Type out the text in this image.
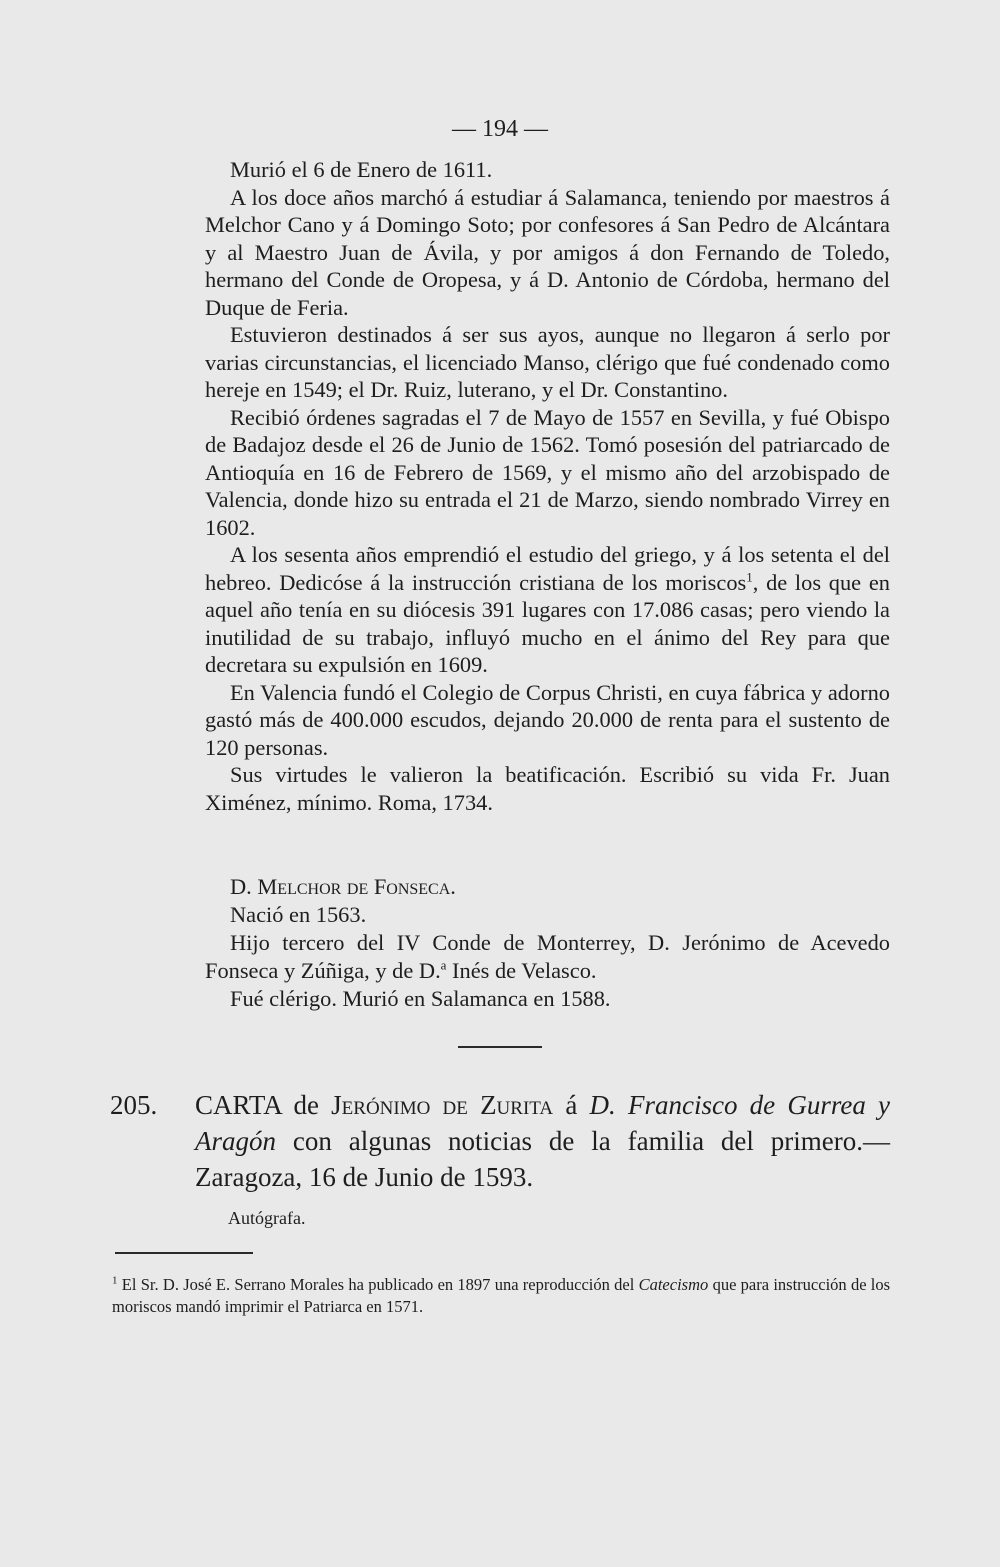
— 194 —

Murió el 6 de Enero de 1611.

A los doce años marchó á estudiar á Salamanca, teniendo por maestros á Melchor Cano y á Domingo Soto; por confesores á San Pedro de Alcántara y al Maestro Juan de Ávila, y por amigos á don Fernando de Toledo, hermano del Conde de Oropesa, y á D. Antonio de Córdoba, hermano del Duque de Feria.

Estuvieron destinados á ser sus ayos, aunque no llegaron á serlo por varias circunstancias, el licenciado Manso, clérigo que fué condenado como hereje en 1549; el Dr. Ruiz, luterano, y el Dr. Constantino.

Recibió órdenes sagradas el 7 de Mayo de 1557 en Sevilla, y fué Obispo de Badajoz desde el 26 de Junio de 1562. Tomó posesión del patriarcado de Antioquía en 16 de Febrero de 1569, y el mismo año del arzobispado de Valencia, donde hizo su entrada el 21 de Marzo, siendo nombrado Virrey en 1602.

A los sesenta años emprendió el estudio del griego, y á los setenta el del hebreo. Dedicóse á la instrucción cristiana de los moriscos$^1$, de los que en aquel año tenía en su diócesis 391 lugares con 17.086 casas; pero viendo la inutilidad de su trabajo, influyó mucho en el ánimo del Rey para que decretara su expulsión en 1609.

En Valencia fundó el Colegio de Corpus Christi, en cuya fábrica y adorno gastó más de 400.000 escudos, dejando 20.000 de renta para el sustento de 120 personas.

Sus virtudes le valieron la beatificación. Escribió su vida Fr. Juan Ximénez, mínimo. Roma, 1734.

D. Melchor de Fonseca.

Nació en 1563.

Hijo tercero del IV Conde de Monterrey, D. Jerónimo de Acevedo Fonseca y Zúñiga, y de D.$^a$ Inés de Velasco.

Fué clérigo. Murió en Salamanca en 1588.

205. CARTA de Jerónimo de Zurita á D. Francisco de Gurrea y Aragón con algunas noticias de la familia del primero.— Zaragoza, 16 de Junio de 1593.
Autógrafa.
$^1$ El Sr. D. José E. Serrano Morales ha publicado en 1897 una reproducción del Catecismo que para instrucción de los moriscos mandó imprimir el Patriarca en 1571.
